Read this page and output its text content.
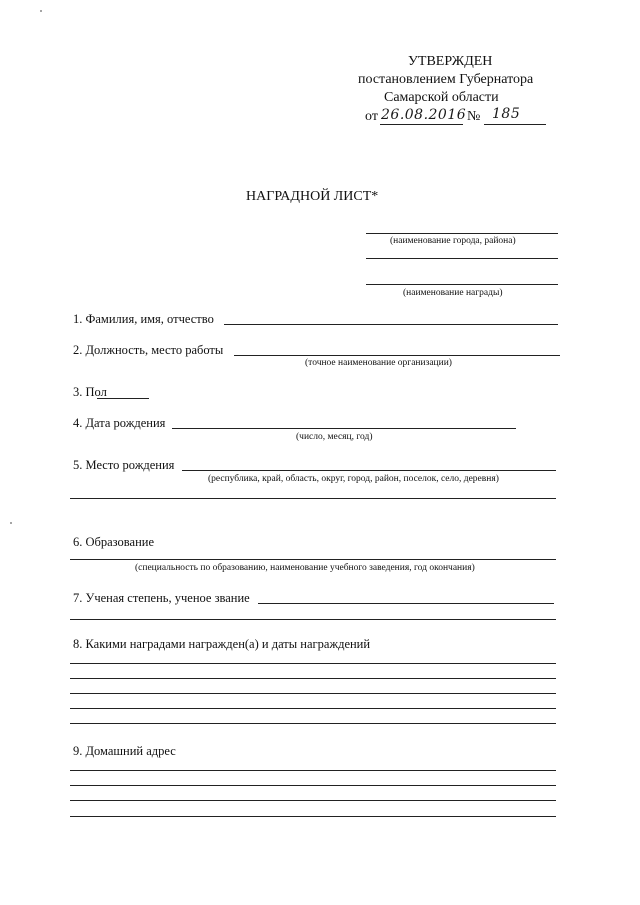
УТВЕРЖДЕН
постановлением Губернатора
Самарской области
от 26.08.2016 № 185
НАГРАДНОЙ ЛИСТ*
(наименование города, района)
(наименование награды)
1. Фамилия, имя, отчество
2. Должность, место работы
(точное наименование организации)
3. Пол
4. Дата рождения
(число, месяц, год)
5. Место рождения
(республика, край, область, округ, город, район, поселок, село, деревня)
6. Образование
(специальность по образованию, наименование учебного заведения, год окончания)
7. Ученая степень, ученое звание
8. Какими наградами награжден(а) и даты награждений
9. Домашний адрес
